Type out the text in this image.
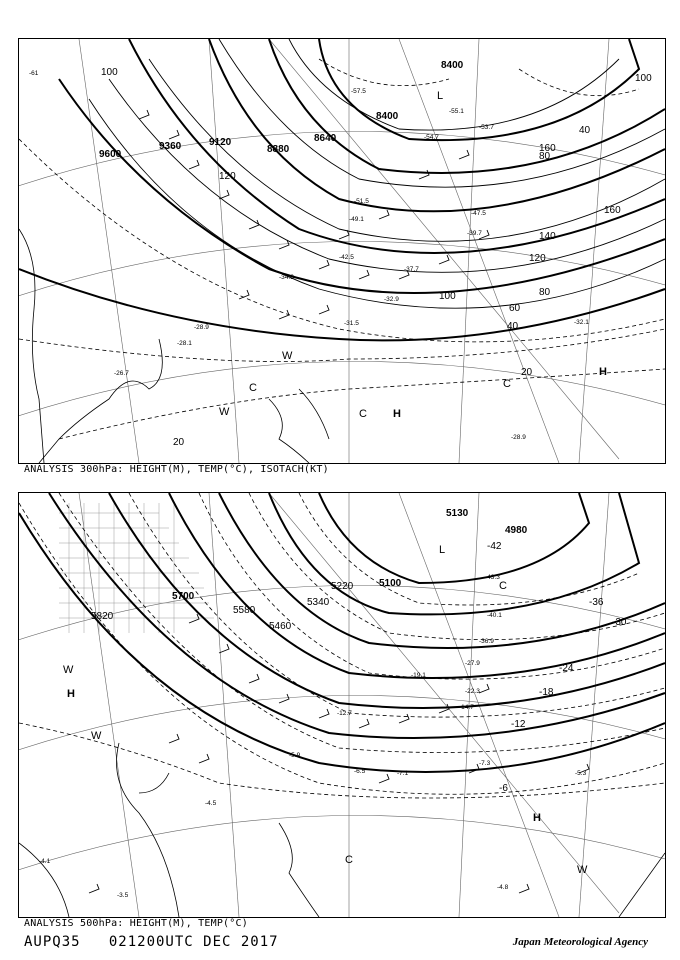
9600
9360	9120
8880
8640
8400
8400
100
160
120
140
120
100
80
80
60
40
20
20
100
160
40
-61
-57.5
-55.1
-54.7
-53.7
-51.5
-49.1
-47.5
-42.5
-39.7
-37.7
-34.3
-32.9
-31.5
-28.9
-28.1
-26.7
-32.1
-28.9
L
H
H
C
C
C
W
W
ANALYSIS 300hPa: HEIGHT(M), TEMP(°C), ISOTACH(KT)
5820
5700
5580
5460
5340
5220	5100
4980
5130
-42
-36
-30
-24
-18
-12
-6
-43.3
-40.1
-36.9
-27.9
-22.3
-19.1
-14.7
-12.7
-7.1	-5.3
-4.5
-4.1
-3.5
-7.3
-6.5
-4.8
-5.9
L
C
C
H
H
W
W
W
ANALYSIS 500hPa: HEIGHT(M), TEMP(°C)
AUPQ35   021200UTC DEC 2017	Japan Meteorological Agency
